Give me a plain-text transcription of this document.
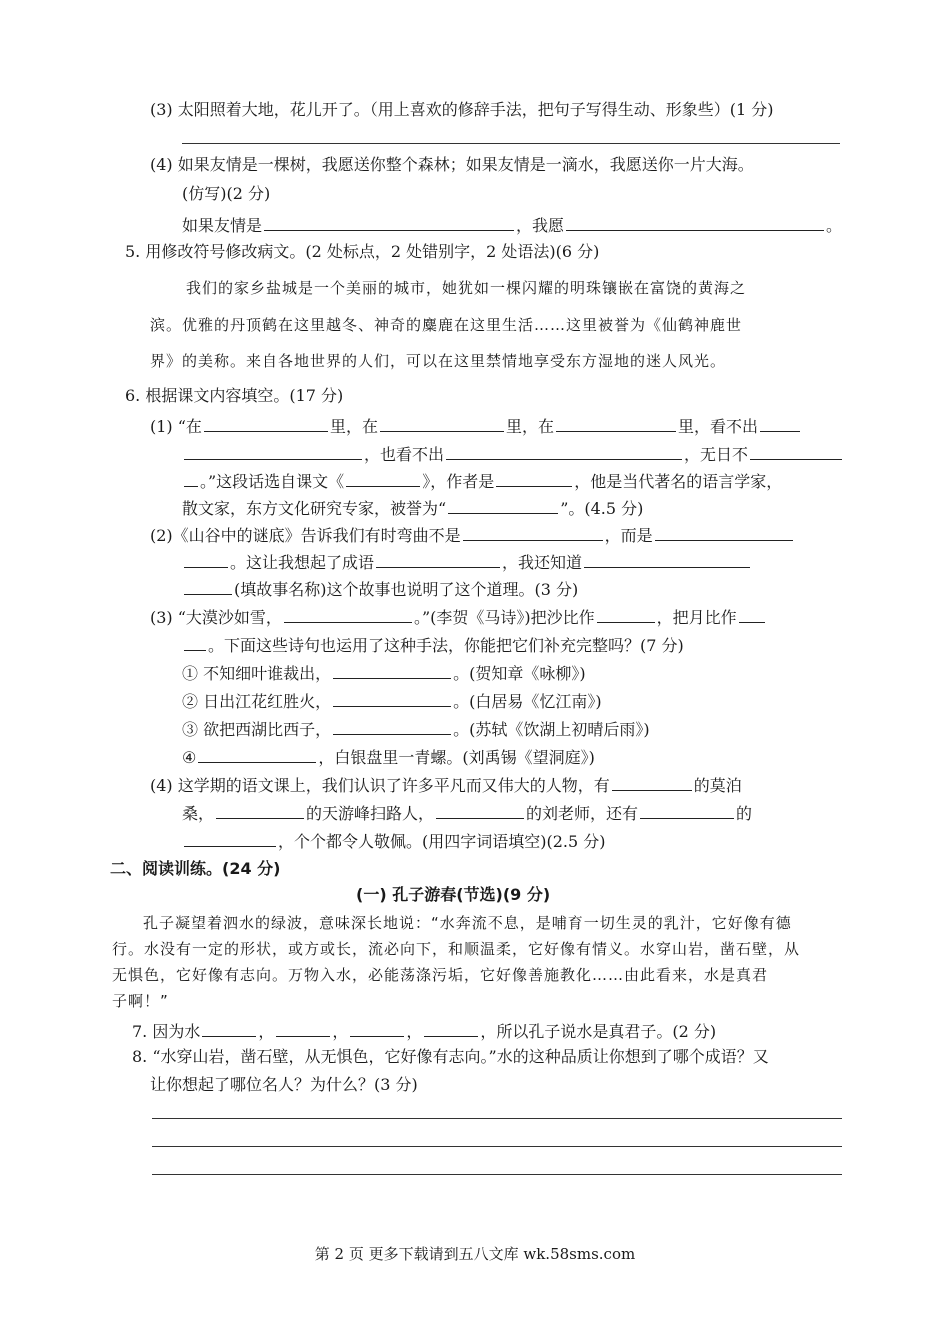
(3) 太阳照着大地，花儿开了。（用上喜欢的修辞手法，把句子写得生动、形象些）(1 分)
(4) 如果友情是一棵树，我愿送你整个森林；如果友情是一滴水，我愿送你一片大海。
(仿写)(2 分)
如果友情是	，我愿	。
5. 用修改符号修改病文。(2 处标点，2 处错别字，2 处语法)(6 分)
我们的家乡盐城是一个美丽的城市，她犹如一棵闪耀的明珠镶嵌在富饶的黄海之
滨。优雅的丹顶鹤在这里越冬、神奇的麋鹿在这里生活……这里被誉为《仙鹤神鹿世
界》的美称。来自各地世界的人们，可以在这里禁情地享受东方湿地的迷人风光。
6. 根据课文内容填空。(17 分)
(1) “在	里，在	里，在	里，看不出
，也看不出	，无日不
。”这段话选自课文《	》，作者是	，他是当代著名的语言学家，
散文家，东方文化研究专家，被誉为“	”。(4.5 分)
(2)《山谷中的谜底》告诉我们有时弯曲不是	，而是
。这让我想起了成语	，我还知道
(填故事名称)这个故事也说明了这个道理。(3 分)
(3) “大漠沙如雪，	。”(李贺《马诗》)把沙比作	，把月比作
。下面这些诗句也运用了这种手法，你能把它们补充完整吗？(7 分)
① 不知细叶谁裁出，	。(贺知章《咏柳》)
② 日出江花红胜火，	。(白居易《忆江南》)
③ 欲把西湖比西子，	。(苏轼《饮湖上初晴后雨》)
④	，白银盘里一青螺。(刘禹锡《望洞庭》)
(4) 这学期的语文课上，我们认识了许多平凡而又伟大的人物，有	的莫泊
桑，	的天游峰扫路人，	的刘老师，还有	的
，个个都令人敬佩。(用四字词语填空)(2.5 分)
二、阅读训练。(24 分)
(一) 孔子游春(节选)(9 分)
孔子凝望着泗水的绿波，意味深长地说：“水奔流不息，是哺育一切生灵的乳汁，它好像有德
行。水没有一定的形状，或方或长，流必向下，和顺温柔，它好像有情义。水穿山岩，凿石壁，从
无惧色，它好像有志向。万物入水，必能荡涤污垢，它好像善施教化……由此看来，水是真君
子啊！”
7. 因为水	，	，	，	，所以孔子说水是真君子。(2 分)
8. “水穿山岩，凿石壁，从无惧色，它好像有志向。”水的这种品质让你想到了哪个成语？又
让你想起了哪位名人？为什么？(3 分)
第 2 页 更多下载请到五八文库 wk.58sms.com
